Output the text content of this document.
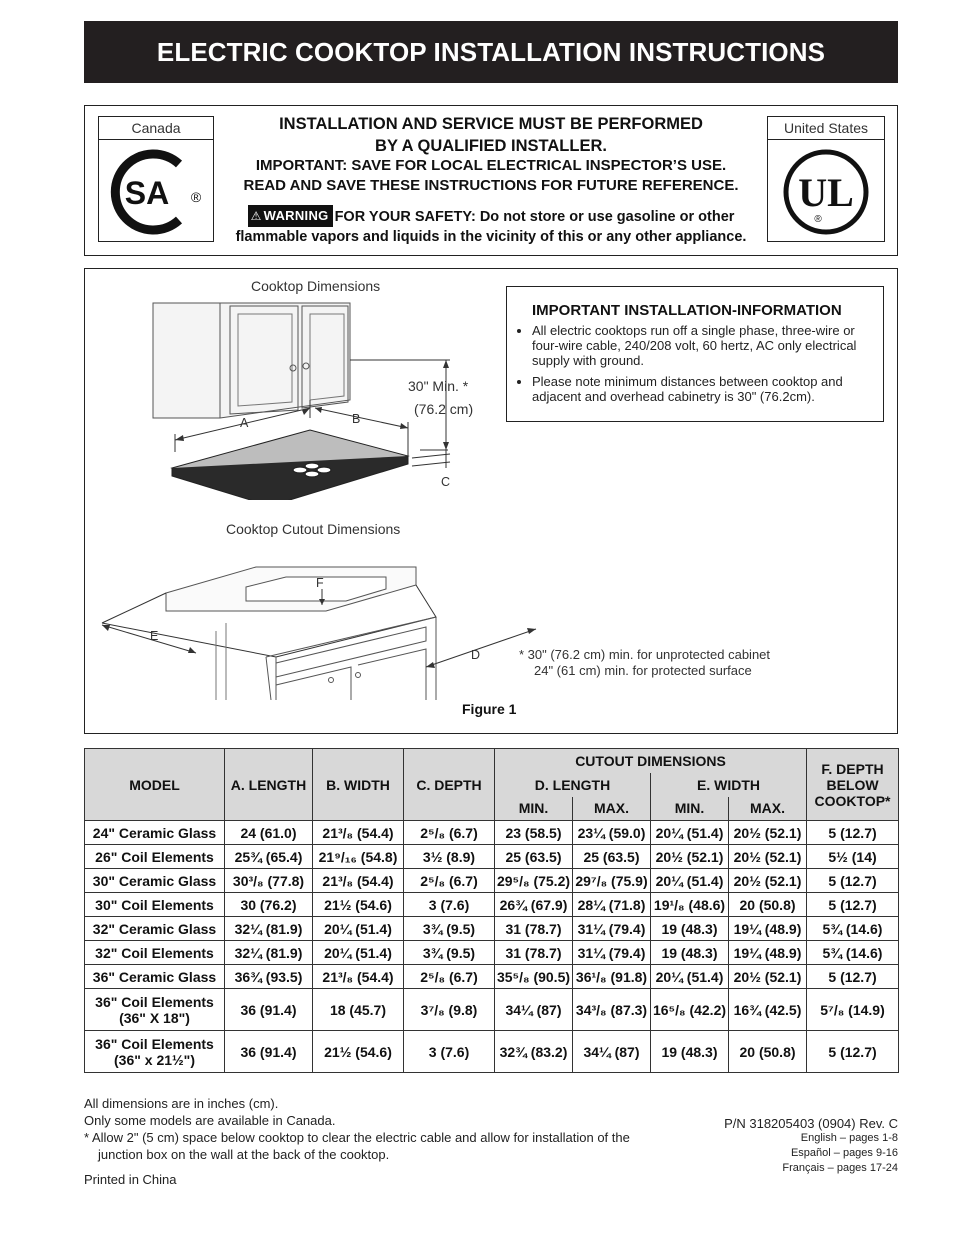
ELECTRIC COOKTOP INSTALLATION INSTRUCTIONS
Canada
SA ®
INSTALLATION AND SERVICE MUST BE PERFORMED
BY A QUALIFIED INSTALLER.
IMPORTANT: SAVE FOR LOCAL ELECTRICAL INSPECTOR’S USE.
READ AND SAVE THESE INSTRUCTIONS FOR FUTURE REFERENCE.
⚠ WARNING FOR YOUR SAFETY: Do not store or use gasoline or other
flammable vapors and liquids in the vicinity of this or any other appliance.
United States
UL
®
Cooktop Dimensions
30" Min. *
(76.2 cm)
A	B
C
IMPORTANT INSTALLATION-INFORMATION
• All electric cooktops run off a single phase, three-wire or four-wire cable, 240/208 volt, 60 hertz, AC only electrical supply with ground.
• Please note minimum distances between cooktop and adjacent and overhead cabinetry is 30" (76.2cm).
Cooktop Cutout Dimensions
F
E
D	* 30" (76.2 cm) min. for unprotected cabinet
24" (61 cm) min. for protected surface
Figure 1
MODEL	A. LENGTH	B. WIDTH	C. DEPTH	CUTOUT DIMENSIONS				F. DEPTH BELOW COOKTOP*
				D. LENGTH		E. WIDTH		
				MIN.	MAX.	MIN.	MAX.	
24" Ceramic Glass	24 (61.0)	21³/₈ (54.4)	2⁵/₈ (6.7)	23 (58.5)	23¼ (59.0)	20¼ (51.4)	20½ (52.1)	5 (12.7)
26" Coil Elements	25¾ (65.4)	21⁹/₁₆ (54.8)	3½ (8.9)	25 (63.5)	25 (63.5)	20½ (52.1)	20½ (52.1)	5½ (14)
30" Ceramic Glass	30³/₈ (77.8)	21³/₈ (54.4)	2⁵/₈ (6.7)	29⁵/₈ (75.2)	29⁷/₈ (75.9)	20¼ (51.4)	20½ (52.1)	5 (12.7)
30" Coil Elements	30 (76.2)	21½ (54.6)	3 (7.6)	26¾ (67.9)	28¼ (71.8)	19¹/₈ (48.6)	20 (50.8)	5 (12.7)
32" Ceramic Glass	32¼ (81.9)	20¼ (51.4)	3¾ (9.5)	31 (78.7)	31¼ (79.4)	19 (48.3)	19¼ (48.9)	5¾ (14.6)
32" Coil Elements	32¼ (81.9)	20¼ (51.4)	3¾ (9.5)	31 (78.7)	31¼ (79.4)	19 (48.3)	19¼ (48.9)	5¾ (14.6)
36" Ceramic Glass	36¾ (93.5)	21³/₈ (54.4)	2⁵/₈ (6.7)	35⁵/₈ (90.5)	36¹/₈ (91.8)	20¼ (51.4)	20½ (52.1)	5 (12.7)
36" Coil Elements
(36" X 18")	36 (91.4)	18 (45.7)	3⁷/₈ (9.8)	34¼ (87)	34³/₈ (87.3)	16⁵/₈ (42.2)	16¾ (42.5)	5⁷/₈ (14.9)
36" Coil Elements
(36" x 21½")	36 (91.4)	21½ (54.6)	3 (7.6)	32¾ (83.2)	34¼ (87)	19 (48.3)	20 (50.8)	5 (12.7)
All dimensions are in inches (cm).
Only some models are available in Canada.
* Allow 2" (5 cm) space below cooktop to clear the electric cable and allow for installation of the
junction box on the wall at the back of the cooktop.
Printed in China
P/N 318205403 (0904) Rev. C
English – pages 1-8
Español – pages 9-16
Français – pages 17-24
